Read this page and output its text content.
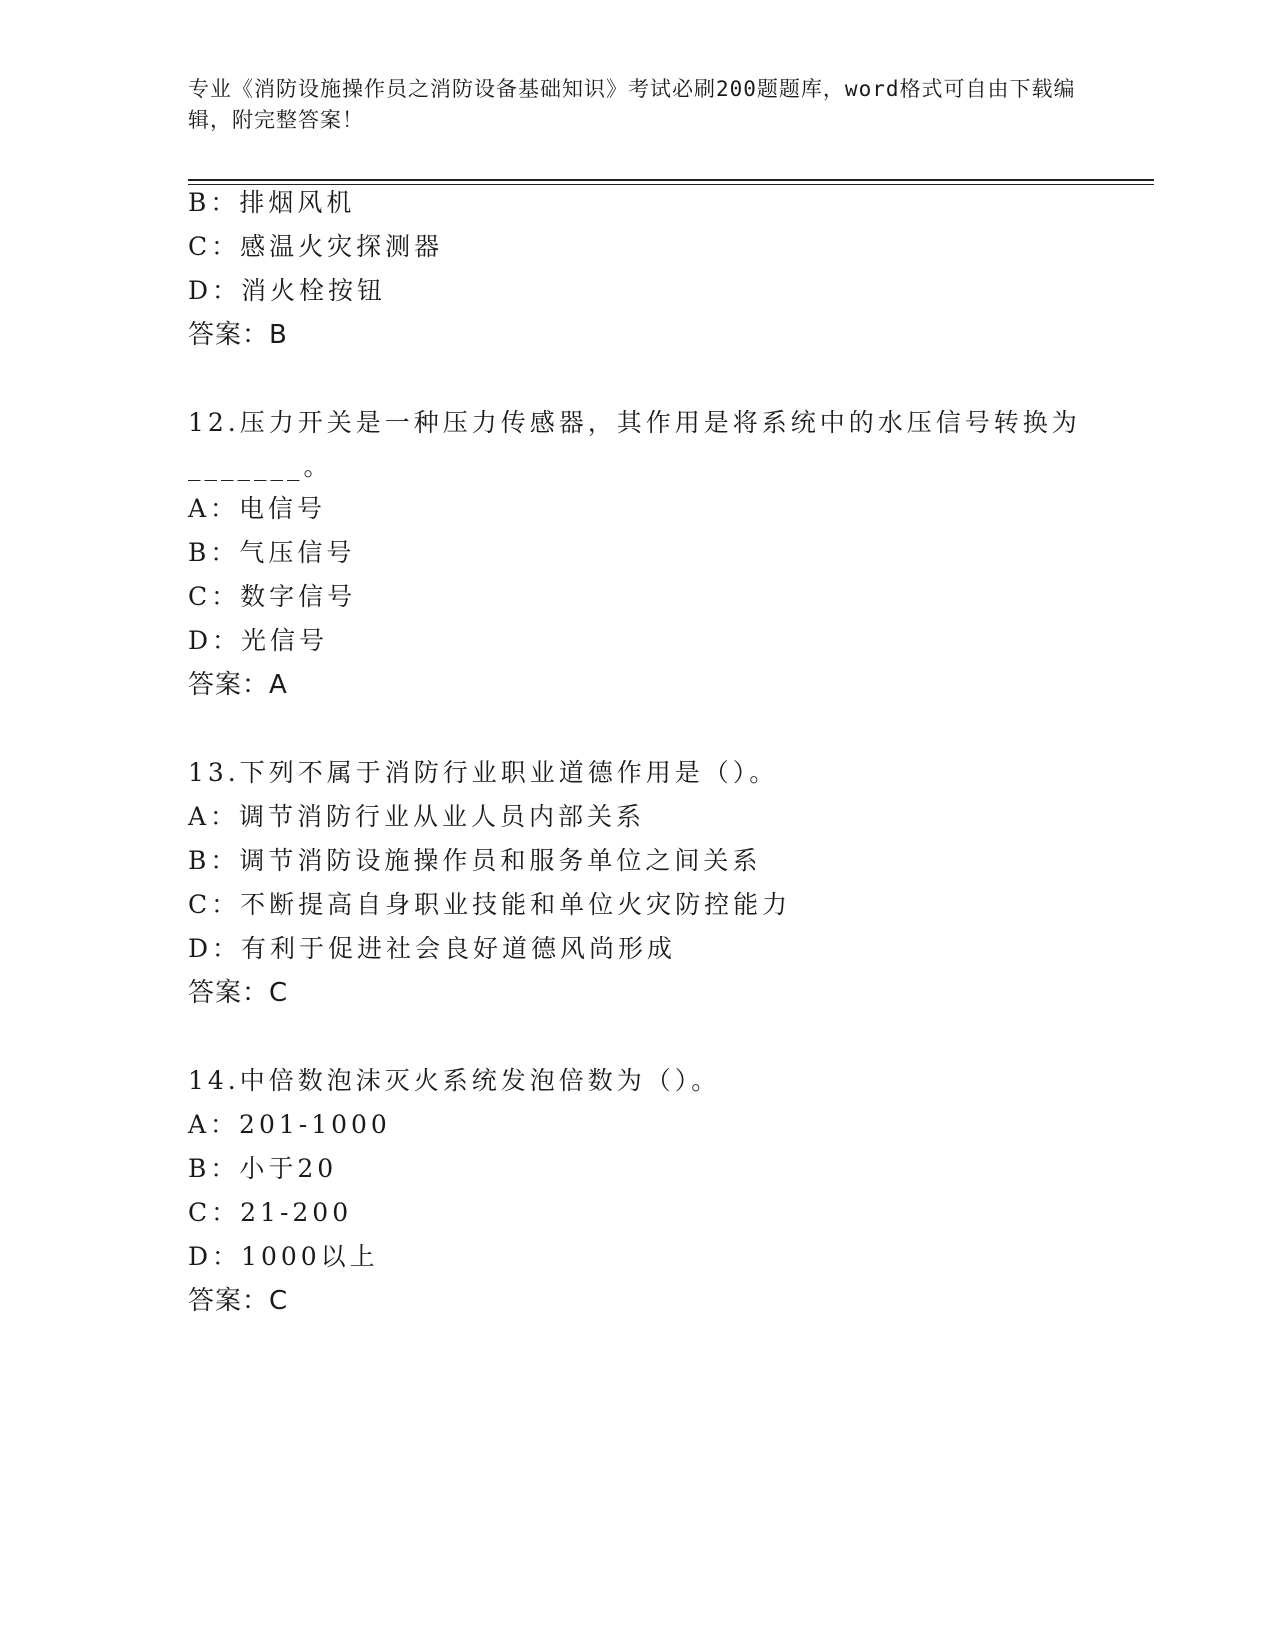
专业《消防设施操作员之消防设备基础知识》考试必刷200题题库，word格式可自由下载编辑，附完整答案！

B：排烟风机

C：感温火灾探测器

D：消火栓按钮

答案：B

12.压力开关是一种压力传感器，其作用是将系统中的水压信号转换为

_______。

A：电信号

B：气压信号

C：数字信号

D：光信号

答案：A

13.下列不属于消防行业职业道德作用是（）。

A：调节消防行业从业人员内部关系

B：调节消防设施操作员和服务单位之间关系

C：不断提高自身职业技能和单位火灾防控能力

D：有利于促进社会良好道德风尚形成

答案：C

14.中倍数泡沫灭火系统发泡倍数为（）。

A：201-1000

B：小于20

C：21-200

D：1000以上

答案：C
